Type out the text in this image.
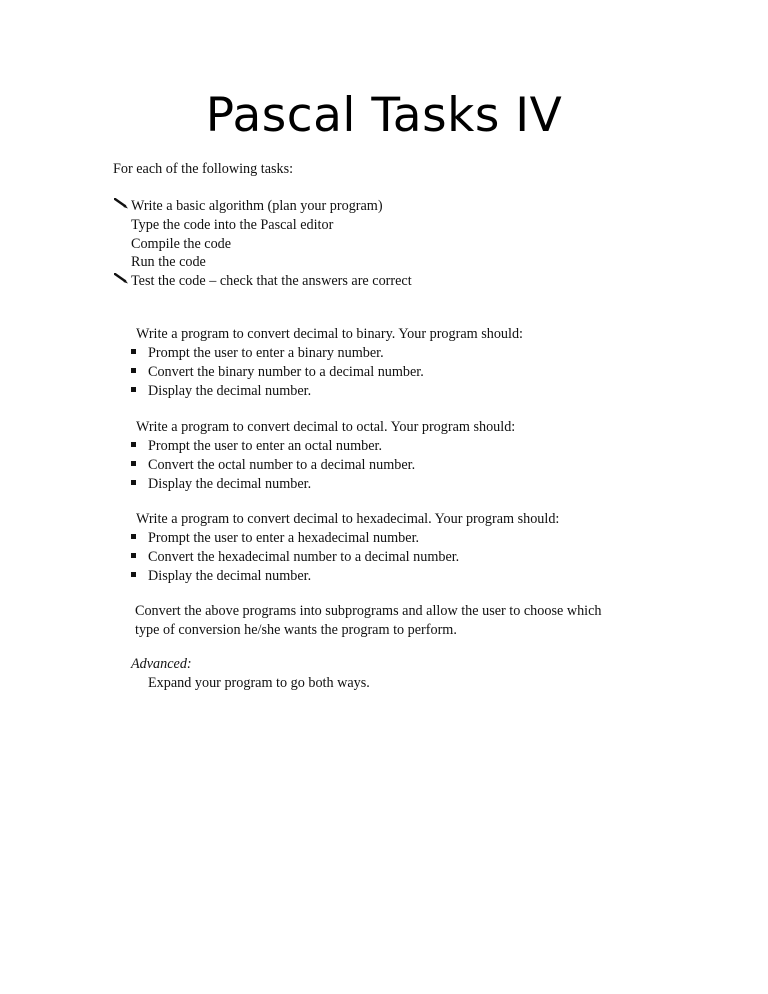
Pascal Tasks IV
For each of the following tasks:
Write a basic algorithm (plan your program)
Type the code into the Pascal editor
Compile the code
Run the code
Test the code – check that the answers are correct
Write a program to convert decimal to binary. Your program should:
Prompt the user to enter a binary number.
Convert the binary number to a decimal number.
Display the decimal number.
Write a program to convert decimal to octal. Your program should:
Prompt the user to enter an octal number.
Convert the octal number to a decimal number.
Display the decimal number.
Write a program to convert decimal to hexadecimal. Your program should:
Prompt the user to enter a hexadecimal number.
Convert the hexadecimal number to a decimal number.
Display the decimal number.
Convert the above programs into subprograms and allow the user to choose which
type of conversion he/she wants the program to perform.
Advanced:
Expand your program to go both ways.
